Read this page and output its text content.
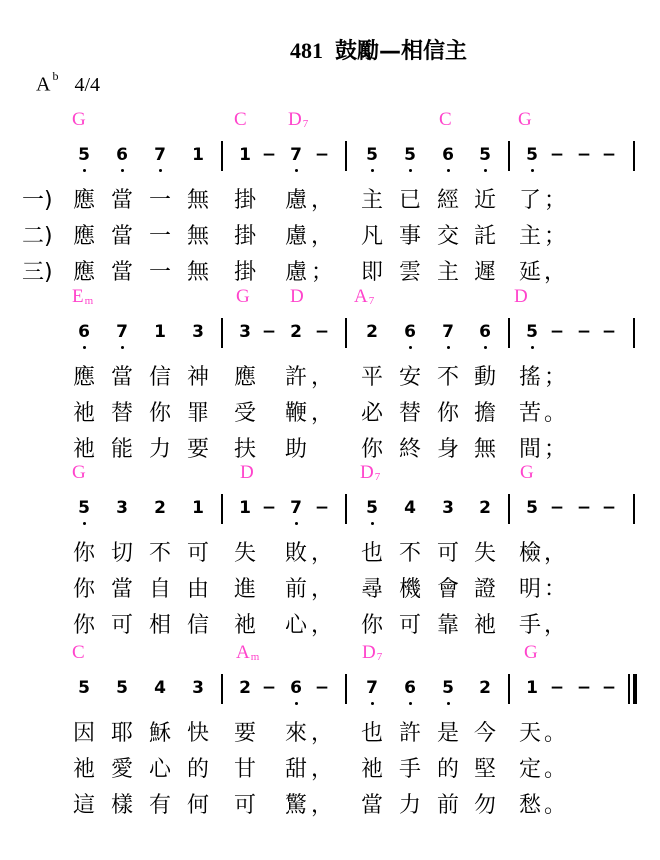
481 鼓勵—相信主
A $^b$ 4/4
G	C $D_7$	C	G
5 6 7 1 1 − 7 − 5 5 6 5 5 − − −
一) 應 當 一 無 掛 慮 ， 主 已 經 近 了 ；
二) 應 當 一 無 掛 慮 ， 凡 事 交 託 主 ；
三) 應 當 一 無 掛 慮 ； 即 雲 主 遲 延 ，
$E_m$	G D	$A_7$	D
6 7 1 3 3 − 2 − 2 6 7 6 5 − − −
應 當 信 神 應 許 ， 平 安 不 動 搖 ；
祂 替 你 罪 受 鞭 ， 必 替 你 擔 苦 。
祂 能 力 要 扶 助 你 終 身 無 間 ；
G	D	$D_7$	G
5 3 2 1 1 − 7 − 5 4 3 2 5 − − −
你 切 不 可 失 敗 ， 也 不 可 失 檢 ，
你 當 自 由 進 前 ， 尋 機 會 證 明 ：
你 可 相 信 祂 心 ， 你 可 靠 祂 手 ，
C	$A_m$	$D_7$	G
5 5 4 3 2 − 6 − 7 6 5 2 1 − − −
因 耶 穌 快 要 來 ， 也 許 是 今 天 。
祂 愛 心 的 甘 甜 ， 祂 手 的 堅 定 。
這 樣 有 何 可 驚 ， 當 力 前 勿 愁 。
